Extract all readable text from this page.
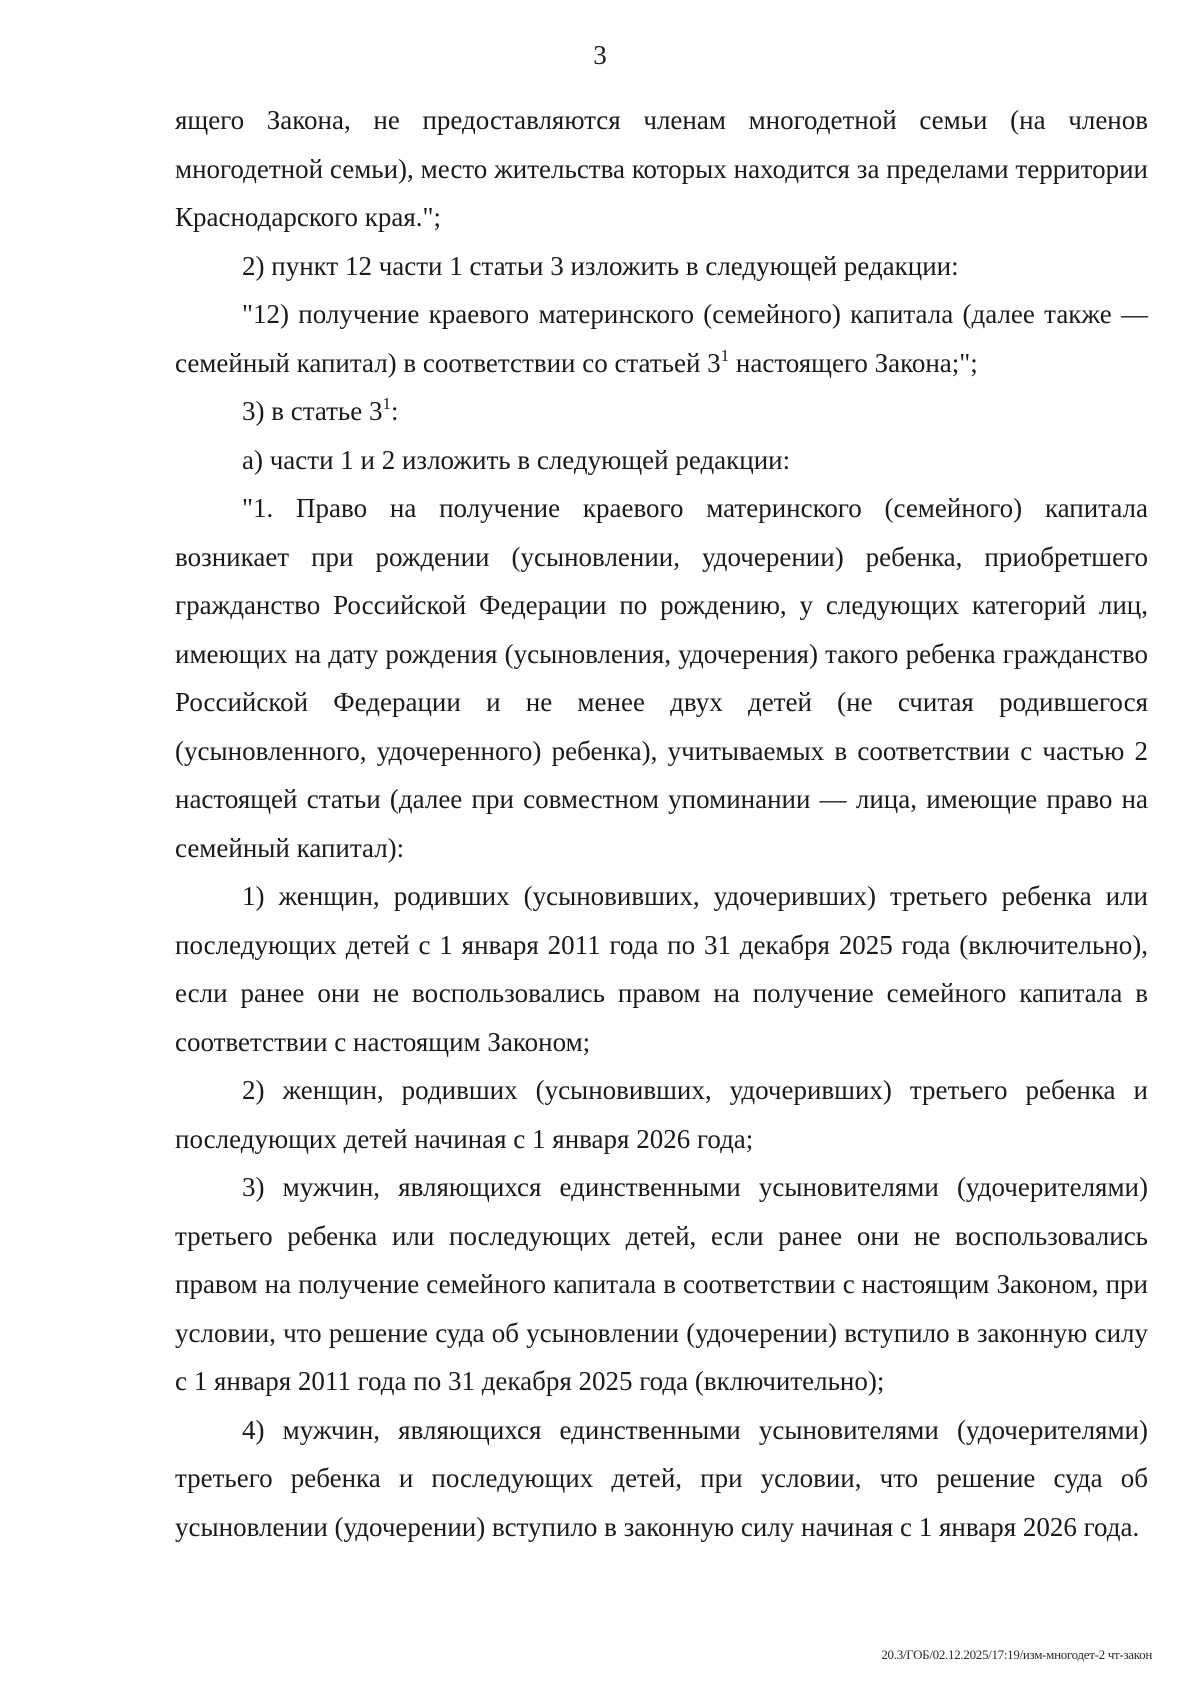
3

ящего Закона, не предоставляются членам многодетной семьи (на членов многодетной семьи), место жительства которых находится за пределами территории Краснодарского края.";

2) пункт 12 части 1 статьи 3 изложить в следующей редакции:

"12) получение краевого материнского (семейного) капитала (далее также — семейный капитал) в соответствии со статьей $3^1$ настоящего Закона;";

3) в статье $3^1$:

а) части 1 и 2 изложить в следующей редакции:

"1. Право на получение краевого материнского (семейного) капитала возникает при рождении (усыновлении, удочерении) ребенка, приобретшего гражданство Российской Федерации по рождению, у следующих категорий лиц, имеющих на дату рождения (усыновления, удочерения) такого ребенка гражданство Российской Федерации и не менее двух детей (не считая родившегося (усыновленного, удочеренного) ребенка), учитываемых в соответствии с частью 2 настоящей статьи (далее при совместном упоминании — лица, имеющие право на семейный капитал):

1) женщин, родивших (усыновивших, удочеривших) третьего ребенка или последующих детей с 1 января 2011 года по 31 декабря 2025 года (включительно), если ранее они не воспользовались правом на получение семейного капитала в соответствии с настоящим Законом;

2) женщин, родивших (усыновивших, удочеривших) третьего ребенка и последующих детей начиная с 1 января 2026 года;

3) мужчин, являющихся единственными усыновителями (удочерителями) третьего ребенка или последующих детей, если ранее они не воспользовались правом на получение семейного капитала в соответствии с настоящим Законом, при условии, что решение суда об усыновлении (удочерении) вступило в законную силу с 1 января 2011 года по 31 декабря 2025 года (включительно);

4) мужчин, являющихся единственными усыновителями (удочерителями) третьего ребенка и последующих детей, при условии, что решение суда об усыновлении (удочерении) вступило в законную силу начиная с 1 января 2026 года.

20.3/ГОБ/02.12.2025/17:19/изм-многодет-2 чт-закон
